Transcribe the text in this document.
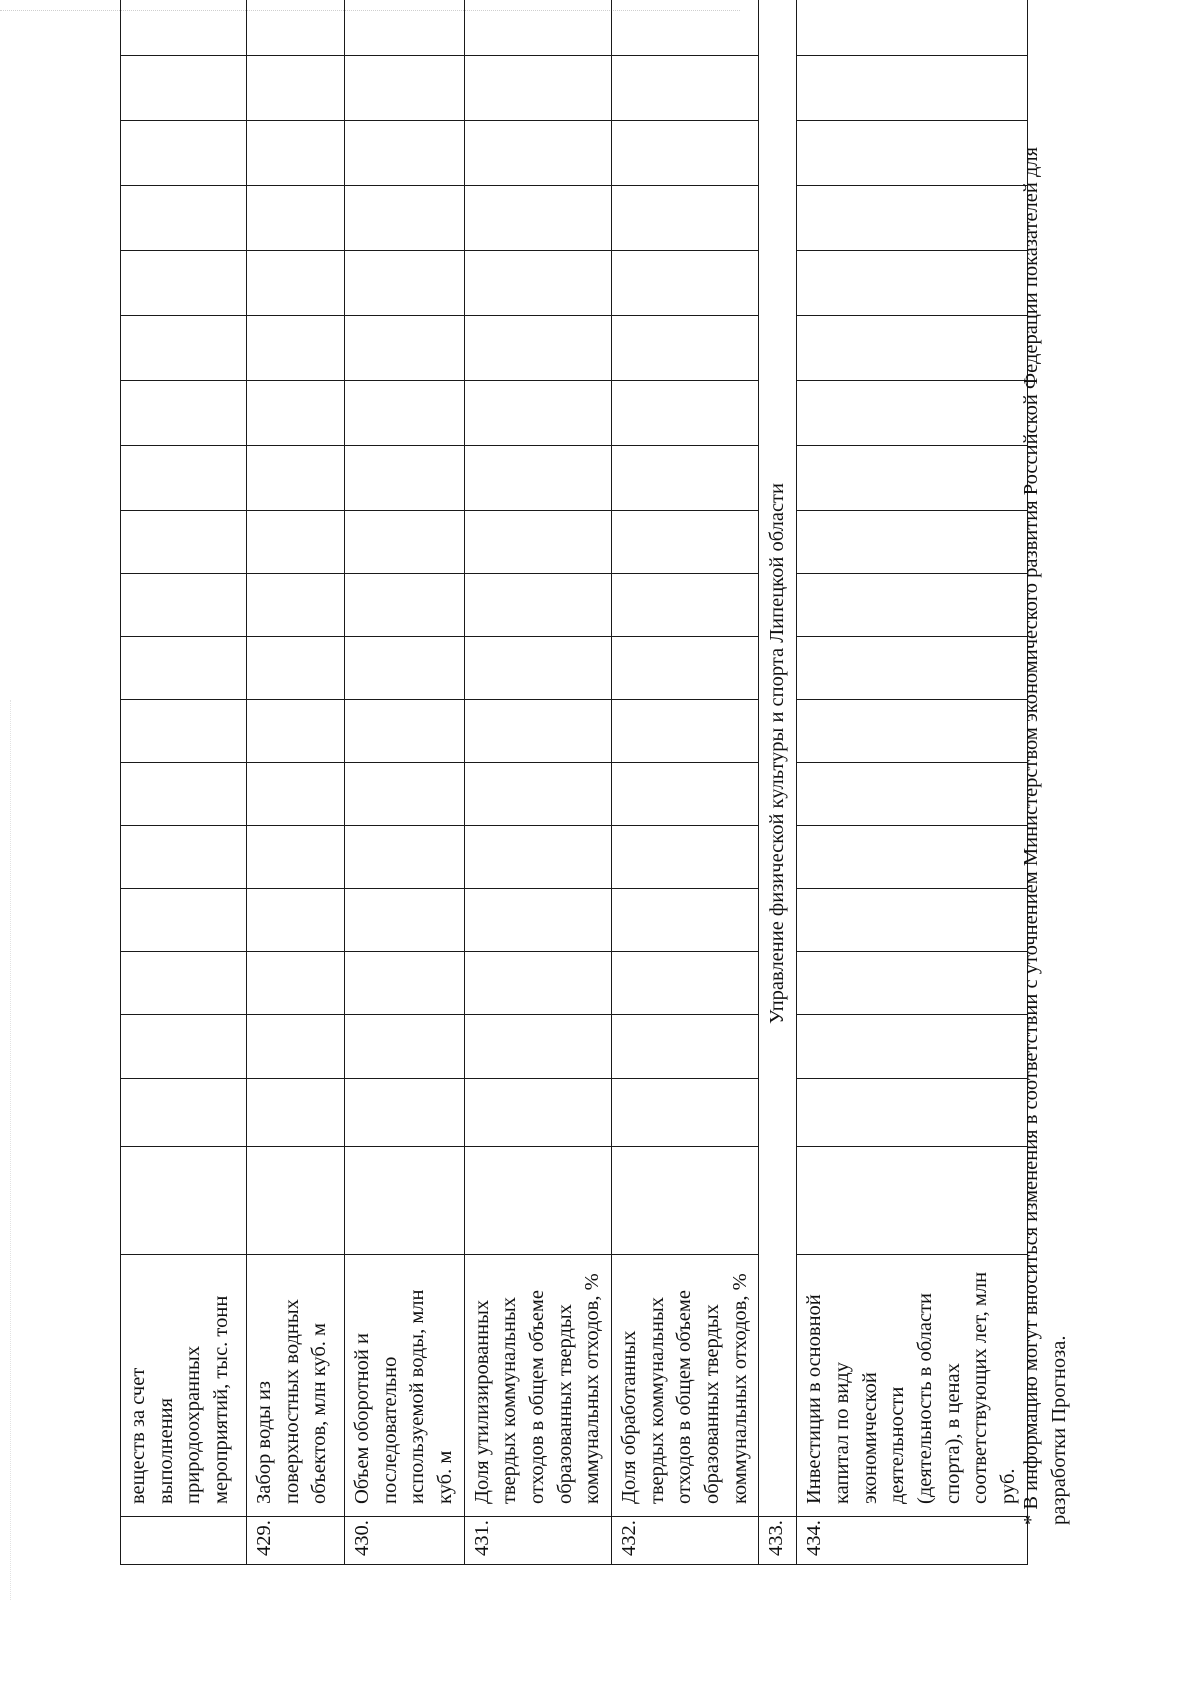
	веществ за счет выполнения природоохранных мероприятий, тыс. тонн																			
429.	Забор воды из поверхностных водных объектов, млн куб. м																			
430.	Объем оборотной и последовательно используемой воды, млн куб. м																			
431.	Доля утилизированных твердых коммунальных отходов в общем объеме образованных твердых коммунальных отходов, %																			
432.	Доля обработанных твердых коммунальных отходов в общем объеме образованных твердых коммунальных отходов, %																			
433.	Управление физической культуры и спорта Липецкой области																			
434.	Инвестиции в основной капитал по виду экономической деятельности (деятельность в области спорта), в ценах соответствующих лет, млн руб.																			* В информацию могут вноситься изменения в соответствии с уточнением Министерством экономического развития Российской Федерации показателей для разработки Прогноза.
